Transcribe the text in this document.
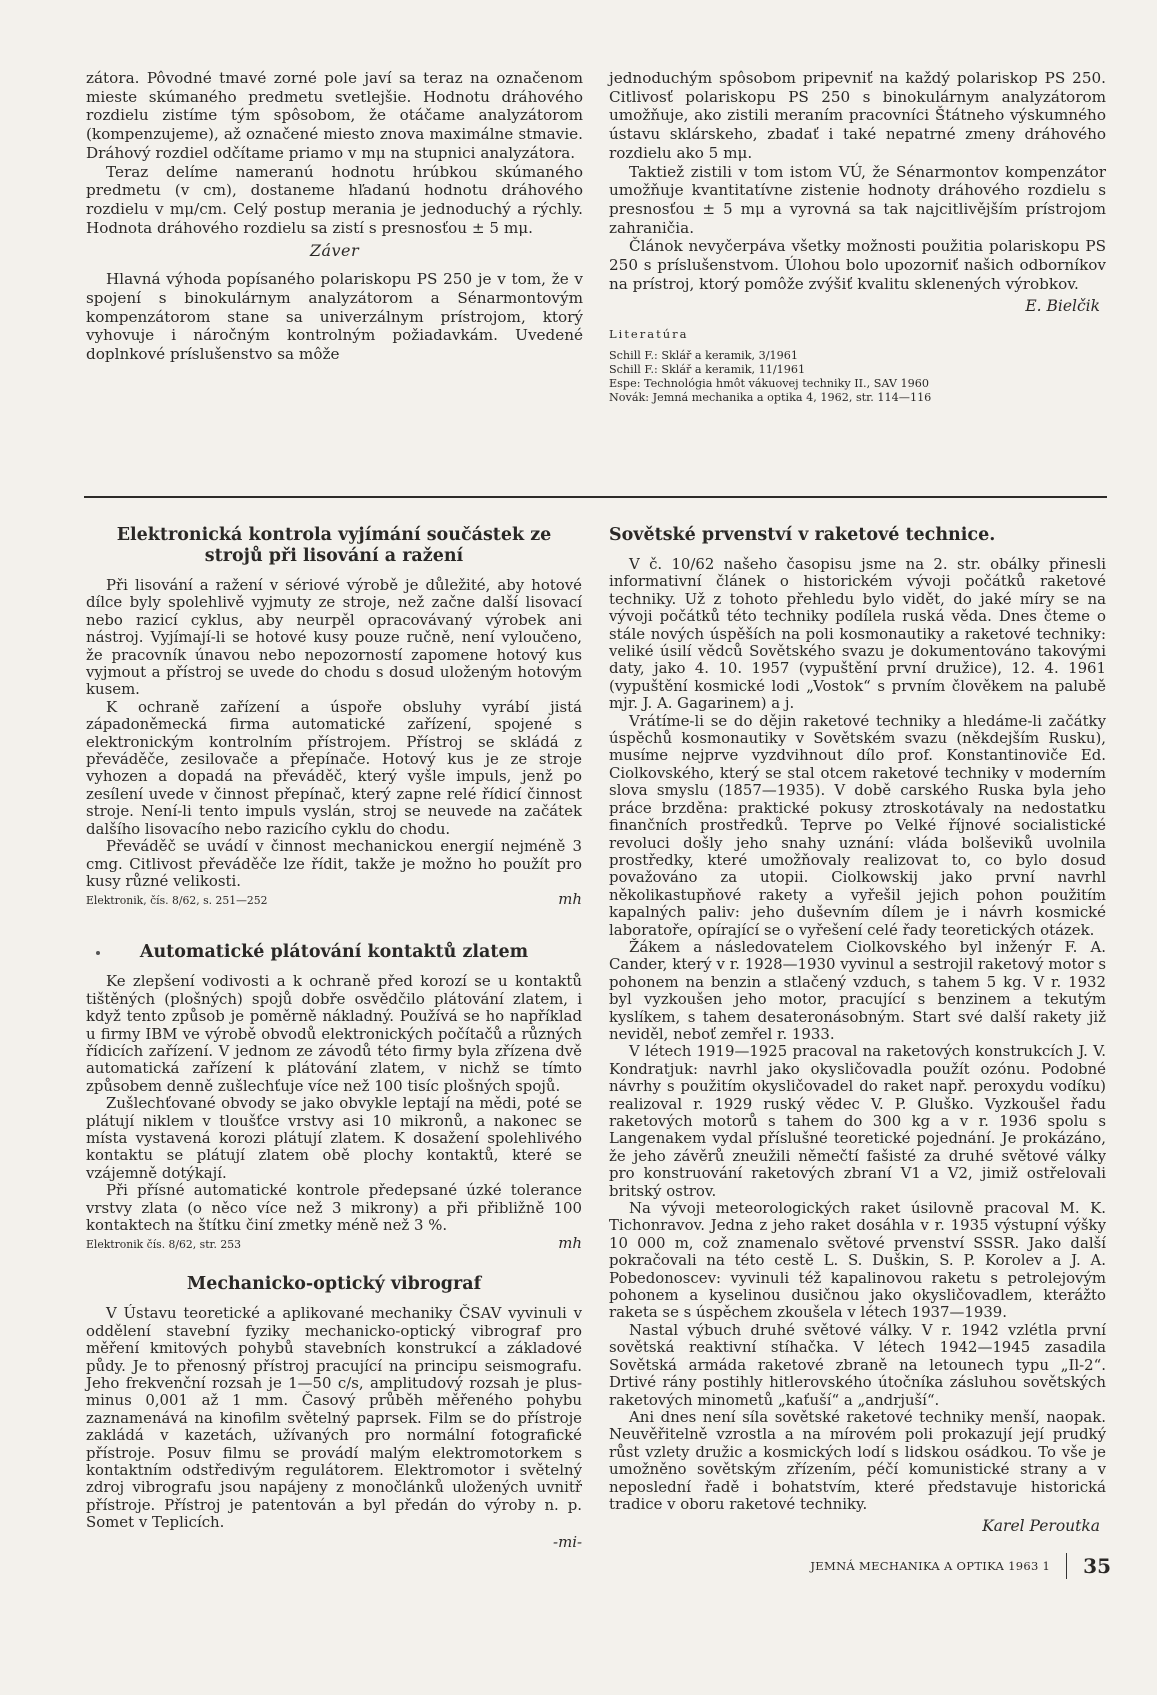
zátora. Pôvodné tmavé zorné pole javí sa teraz na označenom mieste skúmaného predmetu svetlejšie. Hodnotu dráhového rozdielu zistíme tým spôsobom, že otáčame analyzátorom (kompenzujeme), až označené miesto znova maximálne stmavie. Dráhový rozdiel odčítame priamo v mμ na stupnici analyzátora.

Teraz delíme nameranú hodnotu hrúbkou skúmaného predmetu (v cm), dostaneme hľadanú hodnotu dráhového rozdielu v mμ/cm. Celý postup merania je jednoduchý a rýchly. Hodnota dráhového rozdielu sa zistí s presnosťou ± 5 mμ.

Záver

Hlavná výhoda popísaného polariskopu PS 250 je v tom, že v spojení s binokulárnym analyzátorom a Sénarmontovým kompenzátorom stane sa univerzálnym prístrojom, ktorý vyhovuje i náročným kontrolným požiadavkám. Uvedené doplnkové príslušenstvo sa môže

jednoduchým spôsobom pripevniť na každý polariskop PS 250. Citlivosť polariskopu PS 250 s binokulárnym analyzátorom umožňuje, ako zistili meraním pracovníci Štátneho výskumného ústavu sklárskeho, zbadať i také nepatrné zmeny dráhového rozdielu ako 5 mμ.

Taktiež zistili v tom istom VÚ, že Sénarmontov kompenzátor umožňuje kvantitatívne zistenie hodnoty dráhového rozdielu s presnosťou ± 5 mμ a vyrovná sa tak najcitlivějším prístrojom zahraničia.

Článok nevyčerpáva všetky možnosti použitia polariskopu PS 250 s príslušenstvom. Úlohou bolo upozorniť našich odborníkov na prístroj, ktorý pomôže zvýšiť kvalitu sklenených výrobkov.

E. Bielčik
Literatúra

Schill F.: Sklář a keramik, 3/1961

Schill F.: Sklář a keramik, 11/1961

Espe: Technológia hmôt vákuovej techniky II., SAV 1960

Novák: Jemná mechanika a optika 4, 1962, str. 114—116

Elektronická kontrola vyjímání součástek ze strojů při lisování a ražení

Při lisování a ražení v sériové výrobě je důležité, aby hotové dílce byly spolehlivě vyjmuty ze stroje, než začne další lisovací nebo razicí cyklus, aby neurpěl opracovávaný výrobek ani nástroj. Vyjímají-li se hotové kusy pouze ručně, není vyloučeno, že pracovník únavou nebo nepozorností zapomene hotový kus vyjmout a přístroj se uvede do chodu s dosud uloženým hotovým kusem.

K ochraně zařízení a úspoře obsluhy vyrábí jistá západoněmecká firma automatické zařízení, spojené s elektronickým kontrolním přístrojem. Přístroj se skládá z převáděče, zesilovače a přepínače. Hotový kus je ze stroje vyhozen a dopadá na převáděč, který vyšle impuls, jenž po zesílení uvede v činnost přepínač, který zapne relé řídicí činnost stroje. Není-li tento impuls vyslán, stroj se neuvede na začátek dalšího lisovacího nebo razicího cyklu do chodu.

Převáděč se uvádí v činnost mechanickou energií nejméně 3 cmg. Citlivost převáděče lze řídit, takže je možno ho použít pro kusy různé velikosti.

Elektronik, čís. 8/62, s. 251—252	mh
Automatické plátování kontaktů zlatem

Ke zlepšení vodivosti a k ochraně před korozí se u kontaktů tištěných (plošných) spojů dobře osvědčilo plátování zlatem, i když tento způsob je poměrně nákladný. Používá se ho například u firmy IBM ve výrobě obvodů elektronických počítačů a různých řídicích zařízení. V jednom ze závodů této firmy byla zřízena dvě automatická zařízení k plátování zlatem, v nichž se tímto způsobem denně zušlechťuje více než 100 tisíc plošných spojů.

Zušlechťované obvody se jako obvykle leptají na mědi, poté se plátují niklem v tloušťce vrstvy asi 10 mikronů, a nakonec se místa vystavená korozi plátují zlatem. K dosažení spolehlivého kontaktu se plátují zlatem obě plochy kontaktů, které se vzájemně dotýkají.

Při přísné automatické kontrole předepsané úzké tolerance vrstvy zlata (o něco více než 3 mikrony) a při přibližně 100 kontaktech na štítku činí zmetky méně než 3 %.

Elektronik čís. 8/62, str. 253	mh
Mechanicko-optický vibrograf

V Ústavu teoretické a aplikované mechaniky ČSAV vyvinuli v oddělení stavební fyziky mechanicko-optický vibrograf pro měření kmitových pohybů stavebních konstrukcí a základové půdy. Je to přenosný přístroj pracující na principu seismografu. Jeho frekvenční rozsah je 1—50 c/s, amplitudový rozsah je plus-minus 0,001 až 1 mm. Časový průběh měřeného pohybu zaznamenává na kinofilm světelný paprsek. Film se do přístroje zakládá v kazetách, užívaných pro normální fotografické přístroje. Posuv filmu se provádí malým elektromotorkem s kontaktním odstředivým regulátorem. Elektromotor i světelný zdroj vibrografu jsou napájeny z monočlánků uložených uvnitř přístroje. Přístroj je patentován a byl předán do výroby n. p. Somet v Teplicích.

-mi-
Sovětské prvenství v raketové technice.

V č. 10/62 našeho časopisu jsme na 2. str. obálky přinesli informativní článek o historickém vývoji počátků raketové techniky. Už z tohoto přehledu bylo vidět, do jaké míry se na vývoji počátků této techniky podílela ruská věda. Dnes čteme o stále nových úspěších na poli kosmonautiky a raketové techniky: veliké úsilí vědců Sovětského svazu je dokumentováno takovými daty, jako 4. 10. 1957 (vypuštění první družice), 12. 4. 1961 (vypuštění kosmické lodi „Vostok“ s prvním člověkem na palubě mjr. J. A. Gagarinem) a j.

Vrátíme-li se do dějin raketové techniky a hledáme-li začátky úspěchů kosmonautiky v Sovětském svazu (někdejším Rusku), musíme nejprve vyzdvihnout dílo prof. Konstantinoviče Ed. Ciolkovského, který se stal otcem raketové techniky v moderním slova smyslu (1857—1935). V době carského Ruska byla jeho práce brzděna: praktické pokusy ztroskotávaly na nedostatku finančních prostředků. Teprve po Velké říjnové socialistické revoluci došly jeho snahy uznání: vláda bolševiků uvolnila prostředky, které umožňovaly realizovat to, co bylo dosud považováno za utopii. Ciolkowskij jako první navrhl několikastupňové rakety a vyřešil jejich pohon použitím kapalných paliv: jeho duševním dílem je i návrh kosmické laboratoře, opírající se o vyřešení celé řady teoretických otázek.

Žákem a následovatelem Ciolkovského byl inženýr F. A. Cander, který v r. 1928—1930 vyvinul a sestrojil raketový motor s pohonem na benzin a stlačený vzduch, s tahem 5 kg. V r. 1932 byl vyzkoušen jeho motor, pracující s benzinem a tekutým kyslíkem, s tahem desateronásobným. Start své další rakety již neviděl, neboť zemřel r. 1933.

V létech 1919—1925 pracoval na raketových konstrukcích J. V. Kondratjuk: navrhl jako okysličovadla použít ozónu. Podobné návrhy s použitím okysličovadel do raket např. peroxydu vodíku) realizoval r. 1929 ruský vědec V. P. Gluško. Vyzkoušel řadu raketových motorů s tahem do 300 kg a v r. 1936 spolu s Langenakem vydal příslušné teoretické pojednání. Je prokázáno, že jeho závěrů zneužili němečtí fašisté za druhé světové války pro konstruování raketových zbraní V1 a V2, jimiž ostřelovali britský ostrov.

Na vývoji meteorologických raket úsilovně pracoval M. K. Tichonravov. Jedna z jeho raket dosáhla v r. 1935 výstupní výšky 10 000 m, což znamenalo světové prvenství SSSR. Jako další pokračovali na této cestě L. S. Duškin, S. P. Korolev a J. A. Pobedonoscev: vyvinuli též kapalinovou raketu s petrolejovým pohonem a kyselinou dusičnou jako okysličovadlem, kterážto raketa se s úspěchem zkoušela v létech 1937—1939.

Nastal výbuch druhé světové války. V r. 1942 vzlétla první sovětská reaktivní stíhačka. V létech 1942—1945 zasadila Sovětská armáda raketové zbraně na letounech typu „Il-2“. Drtivé rány postihly hitlerovského útočníka zásluhou sovětských raketových minometů „kaťuší“ a „andrjuší“.

Ani dnes není síla sovětské raketové techniky menší, naopak. Neuvěřitelně vzrostla a na mírovém poli prokazují její prudký růst vzlety družic a kosmických lodí s lidskou osádkou. To vše je umožněno sovětským zřízením, péčí komunistické strany a v neposlední řadě i bohatstvím, které představuje historická tradice v oboru raketové techniky.

Karel Peroutka
JEMNÁ MECHANIKA A OPTIKA 1963 1 35
